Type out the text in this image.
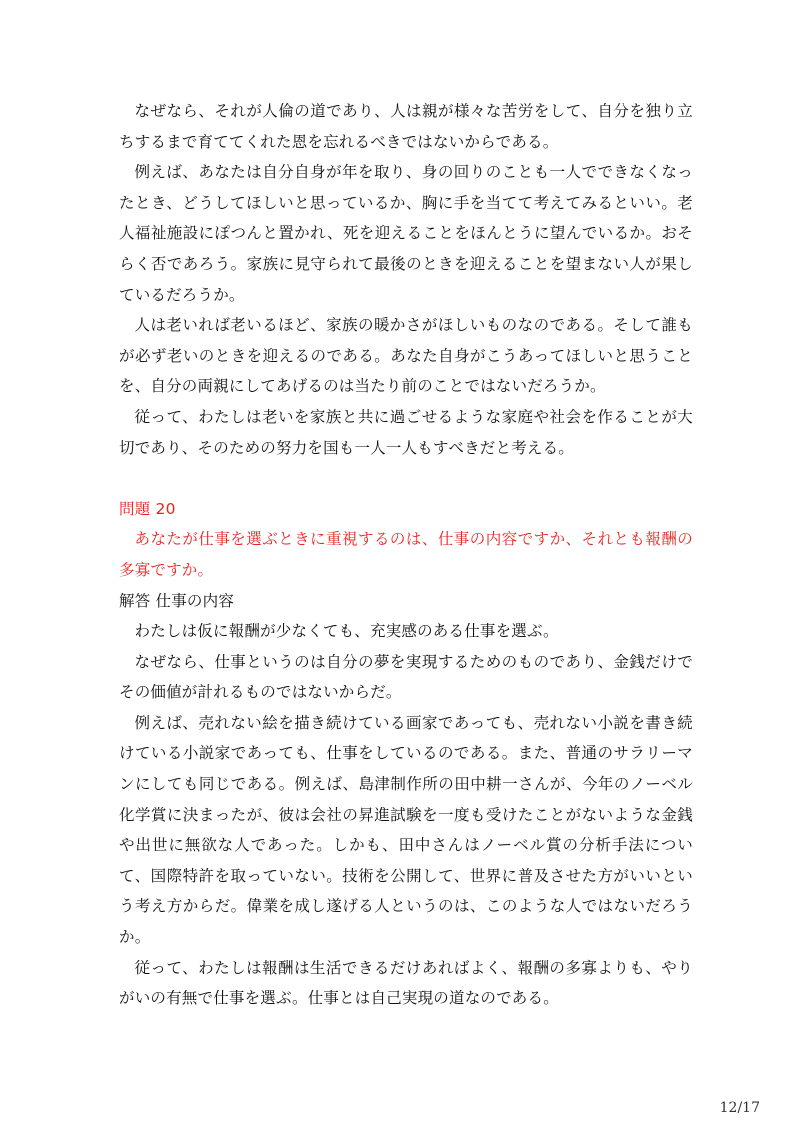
なぜなら、それが人倫の道であり、人は親が様々な苦労をして、自分を独り立ちするまで育ててくれた恩を忘れるべきではないからである。

例えば、あなたは自分自身が年を取り、身の回りのことも一人でできなくなったとき、どうしてほしいと思っているか、胸に手を当てて考えてみるといい。老人福祉施設にぽつんと置かれ、死を迎えることをほんとうに望んでいるか。おそらく否であろう。家族に見守られて最後のときを迎えることを望まない人が果しているだろうか。

人は老いれば老いるほど、家族の暖かさがほしいものなのである。そして誰もが必ず老いのときを迎えるのである。あなた自身がこうあってほしいと思うことを、自分の両親にしてあげるのは当たり前のことではないだろうか。

従って、わたしは老いを家族と共に過ごせるような家庭や社会を作ることが大切であり、そのための努力を国も一人一人もすべきだと考える。

問題 20

あなたが仕事を選ぶときに重視するのは、仕事の内容ですか、それとも報酬の多寡ですか。

解答 仕事の内容

わたしは仮に報酬が少なくても、充実感のある仕事を選ぶ。

なぜなら、仕事というのは自分の夢を実現するためのものであり、金銭だけでその価値が計れるものではないからだ。

例えば、売れない絵を描き続けている画家であっても、売れない小説を書き続けている小説家であっても、仕事をしているのである。また、普通のサラリーマンにしても同じである。例えば、島津制作所の田中耕一さんが、今年のノーベル化学賞に決まったが、彼は会社の昇進試験を一度も受けたことがないような金銭や出世に無欲な人であった。しかも、田中さんはノーベル賞の分析手法について、国際特許を取っていない。技術を公開して、世界に普及させた方がいいという考え方からだ。偉業を成し遂げる人というのは、このような人ではないだろうか。

従って、わたしは報酬は生活できるだけあればよく、報酬の多寡よりも、やりがいの有無で仕事を選ぶ。仕事とは自己実現の道なのである。

12/17
